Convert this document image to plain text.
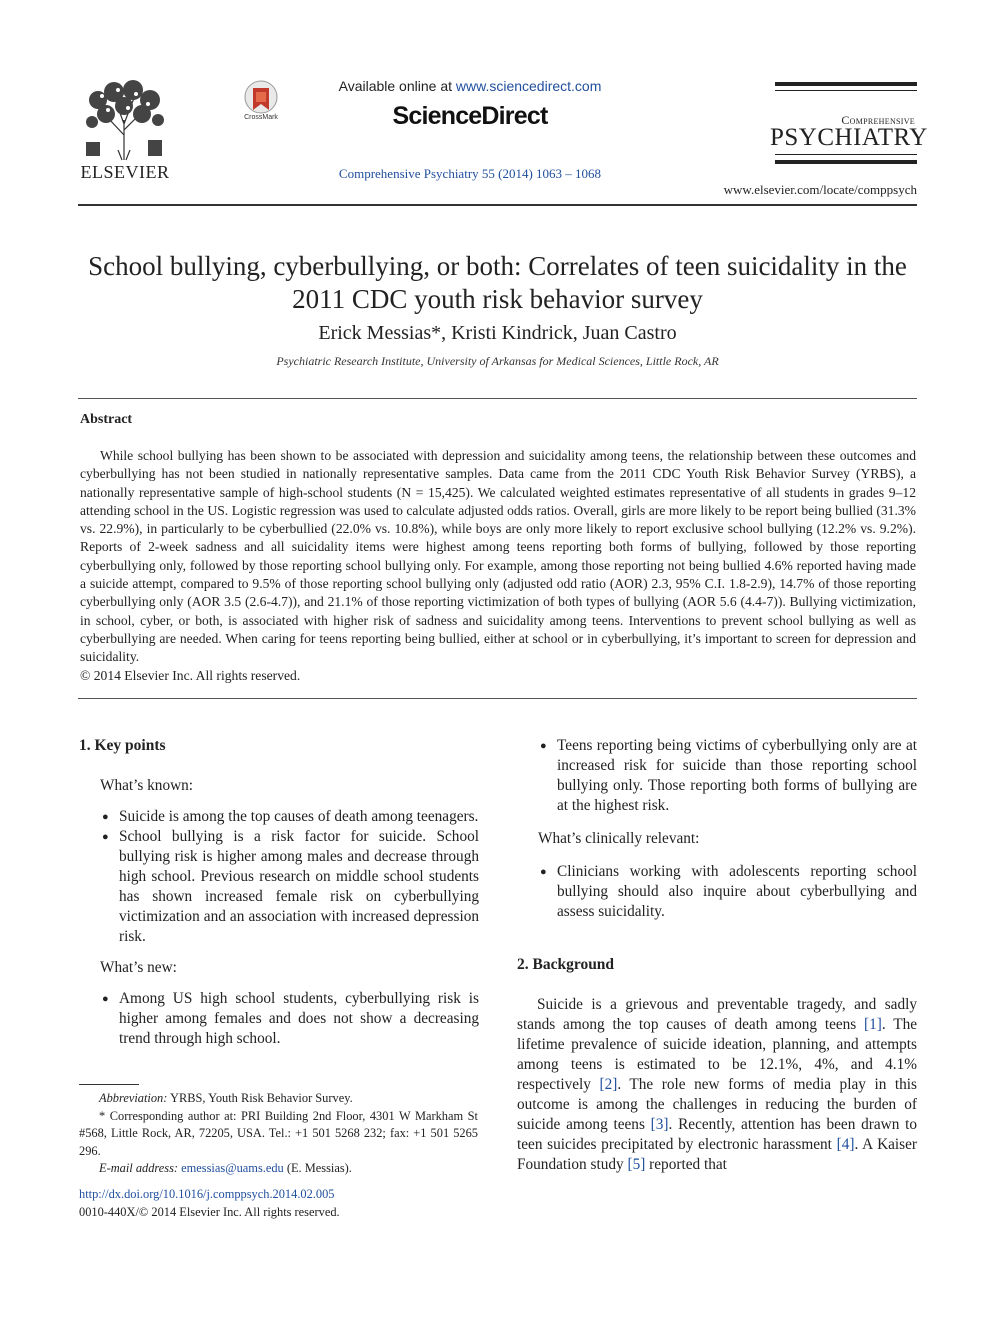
ELSEVIER
CrossMark
Available online at www.sciencedirect.com
ScienceDirect
Comprehensive Psychiatry 55 (2014) 1063 – 1068
Comprehensive
PSYCHIATRY
www.elsevier.com/locate/comppsych
School bullying, cyberbullying, or both: Correlates of teen suicidality in the 2011 CDC youth risk behavior survey
Erick Messias*, Kristi Kindrick, Juan Castro
Psychiatric Research Institute, University of Arkansas for Medical Sciences, Little Rock, AR
Abstract

While school bullying has been shown to be associated with depression and suicidality among teens, the relationship between these outcomes and cyberbullying has not been studied in nationally representative samples. Data came from the 2011 CDC Youth Risk Behavior Survey (YRBS), a nationally representative sample of high-school students (N = 15,425). We calculated weighted estimates representative of all students in grades 9–12 attending school in the US. Logistic regression was used to calculate adjusted odds ratios. Overall, girls are more likely to be report being bullied (31.3% vs. 22.9%), in particularly to be cyberbullied (22.0% vs. 10.8%), while boys are only more likely to report exclusive school bullying (12.2% vs. 9.2%). Reports of 2-week sadness and all suicidality items were highest among teens reporting both forms of bullying, followed by those reporting cyberbullying only, followed by those reporting school bullying only. For example, among those reporting not being bullied 4.6% reported having made a suicide attempt, compared to 9.5% of those reporting school bullying only (adjusted odd ratio (AOR) 2.3, 95% C.I. 1.8-2.9), 14.7% of those reporting cyberbullying only (AOR 3.5 (2.6-4.7)), and 21.1% of those reporting victimization of both types of bullying (AOR 5.6 (4.4-7)). Bullying victimization, in school, cyber, or both, is associated with higher risk of sadness and suicidality among teens. Interventions to prevent school bullying as well as cyberbullying are needed. When caring for teens reporting being bullied, either at school or in cyberbullying, it’s important to screen for depression and suicidality.

© 2014 Elsevier Inc. All rights reserved.

1. Key points

What’s known:

● Suicide is among the top causes of death among teenagers.
● School bullying is a risk factor for suicide. School bullying risk is higher among males and decrease through high school. Previous research on middle school students has shown increased female risk on cyberbullying victimization and an association with increased depression risk.

What’s new:

● Among US high school students, cyberbullying risk is higher among females and does not show a decreasing trend through high school.
● Teens reporting being victims of cyberbullying only are at increased risk for suicide than those reporting school bullying only. Those reporting both forms of bullying are at the highest risk.

What’s clinically relevant:

● Clinicians working with adolescents reporting school bullying should also inquire about cyberbullying and assess suicidality.

2. Background

Suicide is a grievous and preventable tragedy, and sadly stands among the top causes of death among teens [1]. The lifetime prevalence of suicide ideation, planning, and attempts among teens is estimated to be 12.1%, 4%, and 4.1% respectively [2]. The role new forms of media play in this outcome is among the challenges in reducing the burden of suicide among teens [3]. Recently, attention has been drawn to teen suicides precipitated by electronic harassment [4]. A Kaiser Foundation study [5] reported that

Abbreviation: YRBS, Youth Risk Behavior Survey.

* Corresponding author at: PRI Building 2nd Floor, 4301 W Markham St #568, Little Rock, AR, 72205, USA. Tel.: +1 501 5268 232; fax: +1 501 5265 296.

E-mail address: emessias@uams.edu (E. Messias).

http://dx.doi.org/10.1016/j.comppsych.2014.02.005
0010-440X/© 2014 Elsevier Inc. All rights reserved.
